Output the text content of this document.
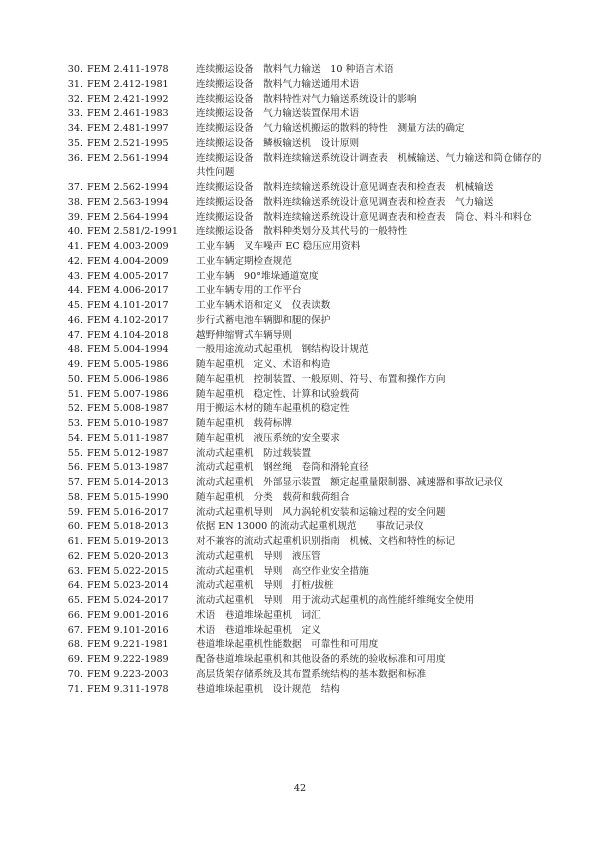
30. FEM 2.411-1978	连续搬运设备　散料气力输送　10 种语言术语
31. FEM 2.412-1981	连续搬运设备　散料气力输送通用术语
32. FEM 2.421-1992	连续搬运设备　散料特性对气力输送系统设计的影响
33. FEM 2.461-1983	连续搬运设备　气力输送装置保用术语
34. FEM 2.481-1997	连续搬运设备　气力输送机搬运的散料的特性　测量方法的确定
35. FEM 2.521-1995	连续搬运设备　鳞板输送机　设计原则
36. FEM 2.561-1994	连续搬运设备　散料连续输送系统设计调查表　机械输送、气力输送和筒仓储存的共性问题
37. FEM 2.562-1994	连续搬运设备　散料连续输送系统设计意见调查表和检查表　机械输送
38. FEM 2.563-1994	连续搬运设备　散料连续输送系统设计意见调查表和检查表　气力输送
39. FEM 2.564-1994	连续搬运设备　散料连续输送系统设计意见调查表和检查表　筒仓、料斗和料仓
40. FEM 2.581/2-1991 连续搬运设备　散料种类划分及其代号的一般特性
41. FEM 4.003-2009	工业车辆　叉车噪声 EC 稳压应用资料
42. FEM 4.004-2009	工业车辆定期检查规范
43. FEM 4.005-2017	工业车辆　90°堆垛通道宽度
44. FEM 4.006-2017	工业车辆专用的工作平台
45. FEM 4.101-2017	工业车辆术语和定义　仪表读数
46. FEM 4.102-2017	步行式蓄电池车辆脚和腿的保护
47. FEM 4.104-2018	越野伸缩臂式车辆导则
48. FEM 5.004-1994	一般用途流动式起重机　钢结构设计规范
49. FEM 5.005-1986	随车起重机　定义、术语和构造
50. FEM 5.006-1986	随车起重机　控制装置、一般原则、符号、布置和操作方向
51. FEM 5.007-1986	随车起重机　稳定性、计算和试验载荷
52. FEM 5.008-1987	用于搬运木材的随车起重机的稳定性
53. FEM 5.010-1987	随车起重机　载荷标牌
54. FEM 5.011-1987	随车起重机　液压系统的安全要求
55. FEM 5.012-1987	流动式起重机　防过载装置
56. FEM 5.013-1987	流动式起重机　钢丝绳　卷筒和滑轮直径
57. FEM 5.014-2013	流动式起重机　外部显示装置　额定起重量限制器、减速器和事故记录仪
58. FEM 5.015-1990	随车起重机　分类　载荷和载荷组合
59. FEM 5.016-2017	流动式起重机导则　风力涡轮机安装和运输过程的安全问题
60. FEM 5.018-2013	依据 EN 13000 的流动式起重机规范　　事故记录仪
61. FEM 5.019-2013	对不兼容的流动式起重机识别指南　机械、文档和特性的标记
62. FEM 5.020-2013	流动式起重机　导则　液压管
63. FEM 5.022-2015	流动式起重机　导则　高空作业安全措施
64. FEM 5.023-2014	流动式起重机　导则　打桩/拔桩
65. FEM 5.024-2017	流动式起重机　导则　用于流动式起重机的高性能纤维绳安全使用
66. FEM 9.001-2016	术语　巷道堆垛起重机　词汇
67. FEM 9.101-2016	术语　巷道堆垛起重机　定义
68. FEM 9.221-1981	巷道堆垛起重机性能数据　可靠性和可用度
69. FEM 9.222-1989	配备巷道堆垛起重机和其他设备的系统的验收标准和可用度
70. FEM 9.223-2003	高层货架存储系统及其布置系统结构的基本数据和标准
71. FEM 9.311-1978	巷道堆垛起重机　设计规范　结构
42
